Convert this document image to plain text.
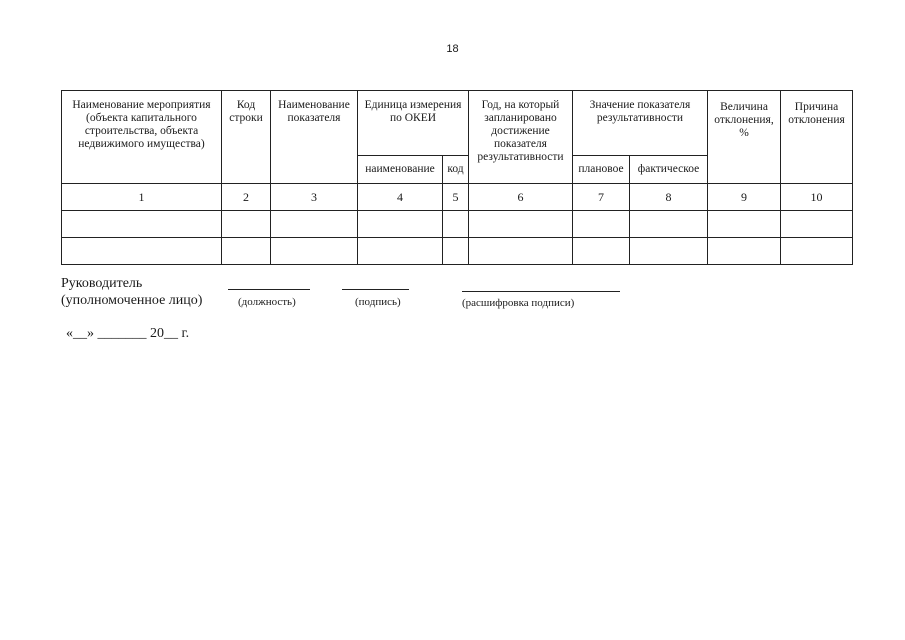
18
Наименование мероприятия (объекта капитального строительства, объекта недвижимого имущества)	Код строки	Наименование показателя	Единица измерения по ОКЕИ		Год, на который запланировано достижение показателя результативности	Значение показателя результативности		Величина отклонения, %	Причина отклонения
			наименование	код		плановое	фактическое		
1	2	3	4	5	6	7	8	9	10

Руководитель
(уполномоченное лицо)	(должность)	(подпись)	(расшифровка подписи)
«__» _______ 20__ г.
